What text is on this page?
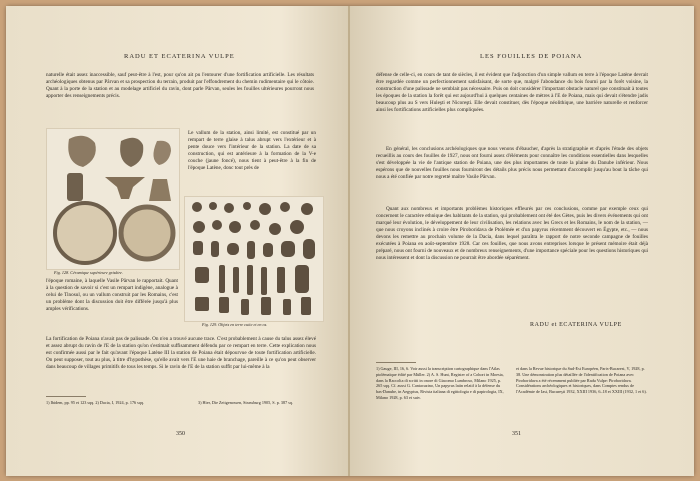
RADU ET ECATERINA VULPE
naturelle était assez inaccessible, sauf peut-être à l'est, pour qu'on ait pu l'entourer d'une fortification artificielle. Les résultats archéologiques obtenus par Pârvan et sa prospection du terrain, produit par l'effondrement du chemin rudimentaire qui le côtoie. Quant à la porte de la station et au modelage artificiel du ravin, dont parle Pârvan, seules les fouilles ultérieures pourront nous apporter des renseignements précis.
Fig. 128. Céramique supérieure grisâtre.
Le vallum de la station, ainsi limité, est constitué par un rempart de terre glaise à talus abrupt vers l'extérieur et à pente douce vers l'intérieur de la station. La date de sa construction, qui est antérieure à la formation de la V-e couche (jaune foncé), nous tient à peut-être à la fin de l'époque Latène, donc tout près de
Fig. 129. Objets en terre cuite et en os.
l'époque romaine, à laquelle Vasile Pârvan le rapportait. Quant à la question de savoir si c'est un rempart indigène, analogue à celui de Tinosul, ou un vallum construit par les Romains, c'est un problème dont la discussion doit être différée jusqu'à plus amples vérifications.
La fortification de Poiana n'avait pas de palissade. On n'en a trouvé aucune trace. C'est probablement à cause du talus assez élevé et assez abrupt du ravin de l'E de la station qu'on s'estimait suffisamment défendu par ce rempart en terre. Cette explication nous est confirmée aussi par le fait qu'avant l'époque Latène III la station de Poiana était dépourvue de toute fortification artificielle. On peut supposer, tout au plus, à titre d'hypothèse, qu'elle avait vers l'E une haie de branchage, pareille à ce qu'on peut observer dans beaucoup de villages primitifs de tous les temps. Si le ravin de l'E de la station suffit par lui-même à la
1) Ibidem, pp. 95 et 123 sqq. 2) Dacia, I, 1924, p. 176 sqq.	3) Hier, Die Zeitgenossen, Strassburg 1905, S. p. 387 sq.
350
LES FOUILLES DE POIANA
défense de celle-ci, en cours de tant de siècles, il est évident que l'adjonction d'un simple vallum en terre à l'époque Latène devrait être regardée comme un perfectionnement satisfaisant, de sorte que, malgré l'abondance du bois fourni par la forêt voisine, la construction d'une palissade ne semblait pas nécessaire. Puis on doit considérer l'important obstacle naturel que constituait à toutes les époques de la station la forêt qui est aujourd'hui à quelques centaines de mètres à l'E de Poiana, mais qui devait s'étendre jadis beaucoup plus au S vers Huleşti et Nicoreşti. Elle devait constituer, dès l'époque néolithique, une barrière naturelle et renforcer ainsi les fortifications artificielles plus compliquées.
En général, les conclusions archéologiques que nous venons d'ébaucher, d'après la stratigraphie et d'après l'étude des objets recueillis au cours des fouilles de 1927, nous ont fourni assez d'éléments pour connaître les conditions essentielles dans lesquelles s'est développée la vie de l'antique station de Poiana, une des plus importantes de toute la plaine du Danube inférieur. Nous espérons que de nouvelles fouilles nous fourniront des détails plus précis nous permettant d'accomplir jusqu'au bout la tâche qui nous a été confiée par notre regretté maître Vasile Pârvan.
Quant aux nombreux et importants problèmes historiques effleurés par ces conclusions, comme par exemple ceux qui concernent le caractère ethnique des habitants de la station, qui probablement ont été des Gètes, puis les divers événements qui ont marqué leur évolution, le développement de leur civilisation, les relations avec les Grecs et les Romains, le nom de la station, — que nous croyons inclinés à croire être Piroboridava de Ptolémée et d'un papyrus récemment découvert en Égypte, etc., — nous devons les remettre au prochain volume de la Dacia, dans lequel paraîtra le rapport de notre seconde campagne de fouilles exécutées à Poiana en août-septembre 1928. Car ces fouilles, que nous avons entreprises lorsque le présent mémoire était déjà préparé, nous ont fourni de nouveaux et de nombreux renseignements, d'une importance spéciale pour les questions historiques qui nous intéressent et dont la discussion ne pourrait être abordée séparément.
RADU et ECATERINA VULPE
1) Gauge, III, 16, 6. Voir aussi la transcription cartographique dans l'Atlas ptolémaïque édité par Müller. 2) A. S. Hunt, Register of a Cohort in Moesia, dans la Raccolta di scritti in onore di Giacomo Lumbroso, Milano 1925, p. 265 sqq. Cf. aussi G. Cantacuzino, Un papyrus latin relatif à la défense du bas-Danube, in Aegyptus, Rivista italiana di egittologia e di papirologia, IX, Milano 1928, p. 63 et suiv.
et dans la Revue historique du Sud-Est Européen, Paris-Bucarest, V, 1928, p. 38. Une démonstration plus détaillée de l'identification de Poiana avec Piroboridava a été récemment publiée par Radu Vulpe: Piroboridava. Considérations archéologiques et historiques, dans Comptes rendus de l'Académie de Iasi, Bucureşti 1932, XXIII 1936, 6–18 et XXIII (1932, 1 et 6).
351
